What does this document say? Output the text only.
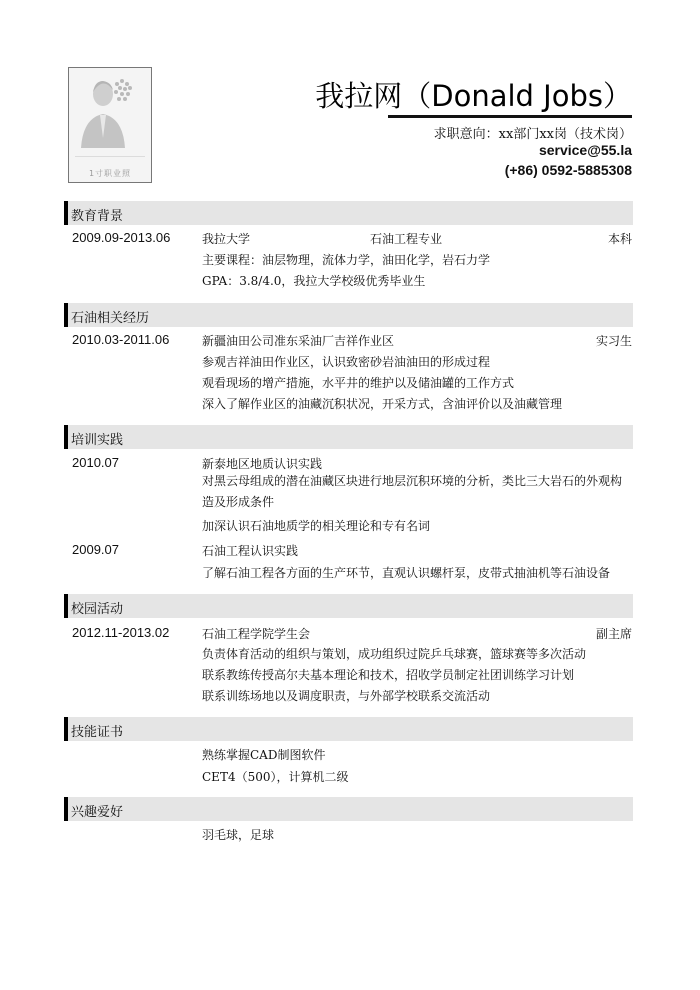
1寸职业照
我拉网（Donald Jobs）
求职意向：xx部门xx岗（技术岗）
service@55.la
(+86) 0592-5885308
教育背景
2009.09-2013.06	我拉大学	石油工程专业	本科
主要课程：油层物理，流体力学，油田化学，岩石力学
GPA：3.8/4.0，我拉大学校级优秀毕业生
石油相关经历
2010.03-2011.06	新疆油田公司准东采油厂吉祥作业区	实习生
参观吉祥油田作业区，认识致密砂岩油油田的形成过程
观看现场的增产措施，水平井的维护以及储油罐的工作方式
深入了解作业区的油藏沉积状况，开采方式，含油评价以及油藏管理
培训实践
2010.07	新泰地区地质认识实践
对黑云母组成的潜在油藏区块进行地层沉积环境的分析，类比三大岩石的外观构造及形成条件
加深认识石油地质学的相关理论和专有名词
2009.07	石油工程认识实践
了解石油工程各方面的生产环节，直观认识螺杆泵，皮带式抽油机等石油设备
校园活动
2012.11-2013.02	石油工程学院学生会	副主席
负责体育活动的组织与策划，成功组织过院乒乓球赛，篮球赛等多次活动
联系教练传授高尔夫基本理论和技术，招收学员制定社团训练学习计划
联系训练场地以及调度职责，与外部学校联系交流活动
技能证书
熟练掌握CAD制图软件
CET4（500），计算机二级
兴趣爱好
羽毛球，足球
